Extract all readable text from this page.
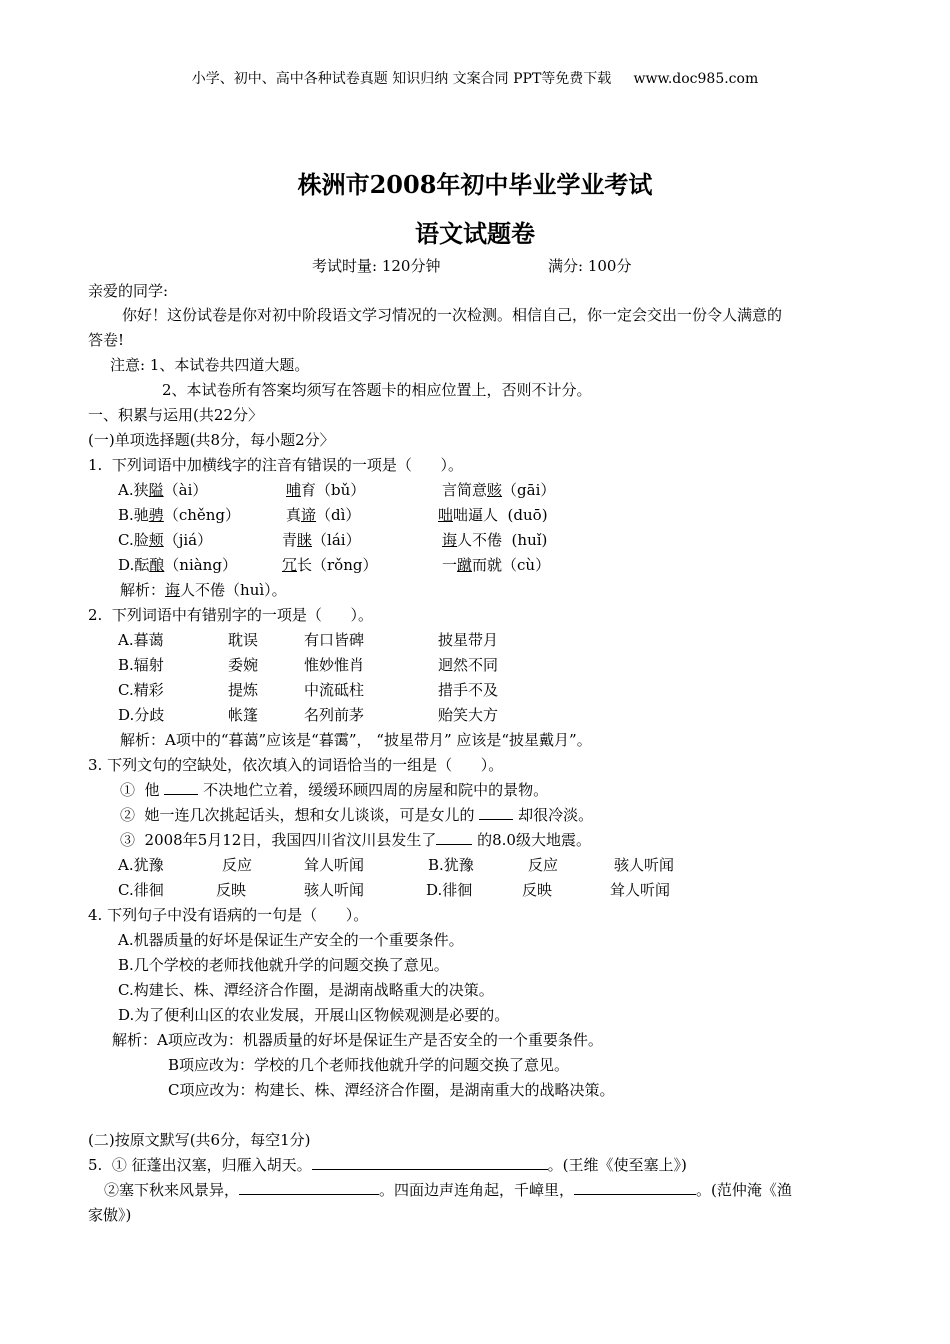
小学、初中、高中各种试卷真题 知识归纳 文案合同 PPT等免费下载     www.doc985.com
株洲市2008年初中毕业学业考试
语文试题卷
考试时量: 120分钟	满分: 100分
亲爱的同学:
你好！这份试卷是你对初中阶段语文学习情况的一次检测。相信自己，你一定会交出一份令人满意的
答卷!
注意: 1、本试卷共四道大题。
2、本试卷所有答案均须写在答题卡的相应位置上，否则不计分。
一、积累与运用(共22分〉
(一)单项选择题(共8分，每小题2分〉
1.  下列词语中加横线字的注音有错误的一项是（      ）。
A.狭隘（ài）	哺育（bǔ）	言简意赅（gāi）
B.驰骋（chěng）	真谛（dì）	咄咄逼人  (duō)
C.脸颊（jiá）	青睐（lái）	诲人不倦  (huǐ)
D.酝酿（niàng）	冗长（rǒng）	一蹴而就（cù）
解析：诲人不倦（huì）。
2.  下列词语中有错别字的一项是（      ）。
A.暮蔼	耽误	有口皆碑	披星带月
B.辐射	委婉	惟妙惟肖	迥然不同
C.精彩	提炼	中流砥柱	措手不及
D.分歧	帐篷	名列前茅	贻笑大方
解析：A项中的“暮蔼”应该是“暮霭”， “披星带月” 应该是“披星戴月”。
3. 下列文句的空缺处，依次填入的词语恰当的一组是（      ）。
①  他  不决地伫立着，缓缓环顾四周的房屋和院中的景物。
②  她一连几次挑起话头，想和女儿谈谈，可是女儿的  却很冷淡。
③  2008年5月12日，我国四川省汶川县发生了 的8.0级大地震。
A.犹豫	反应	耸人听闻	B.犹豫	反应	骇人听闻
C.徘徊	反映	骇人听闻	D.徘徊	反映	耸人听闻
4. 下列句子中没有语病的一句是（      ）。
A.机器质量的好坏是保证生产安全的一个重要条件。
B.几个学校的老师找他就升学的问题交换了意见。
C.构建长、株、潭经济合作圈，是湖南战略重大的决策。
D.为了便利山区的农业发展，开展山区物候观测是必要的。
解析：A项应改为：机器质量的好坏是保证生产是否安全的一个重要条件。
B项应改为：学校的几个老师找他就升学的问题交换了意见。
C项应改为：构建长、株、潭经济合作圈，是湖南重大的战略决策。
(二)按原文默写(共6分，每空1分)
5.  ① 征蓬出汉塞，归雁入胡天。	。(王维《使至塞上》)
②塞下秋来风景异，	。四面边声连角起，千嶂里，	。(范仲淹《渔
家傲》)
